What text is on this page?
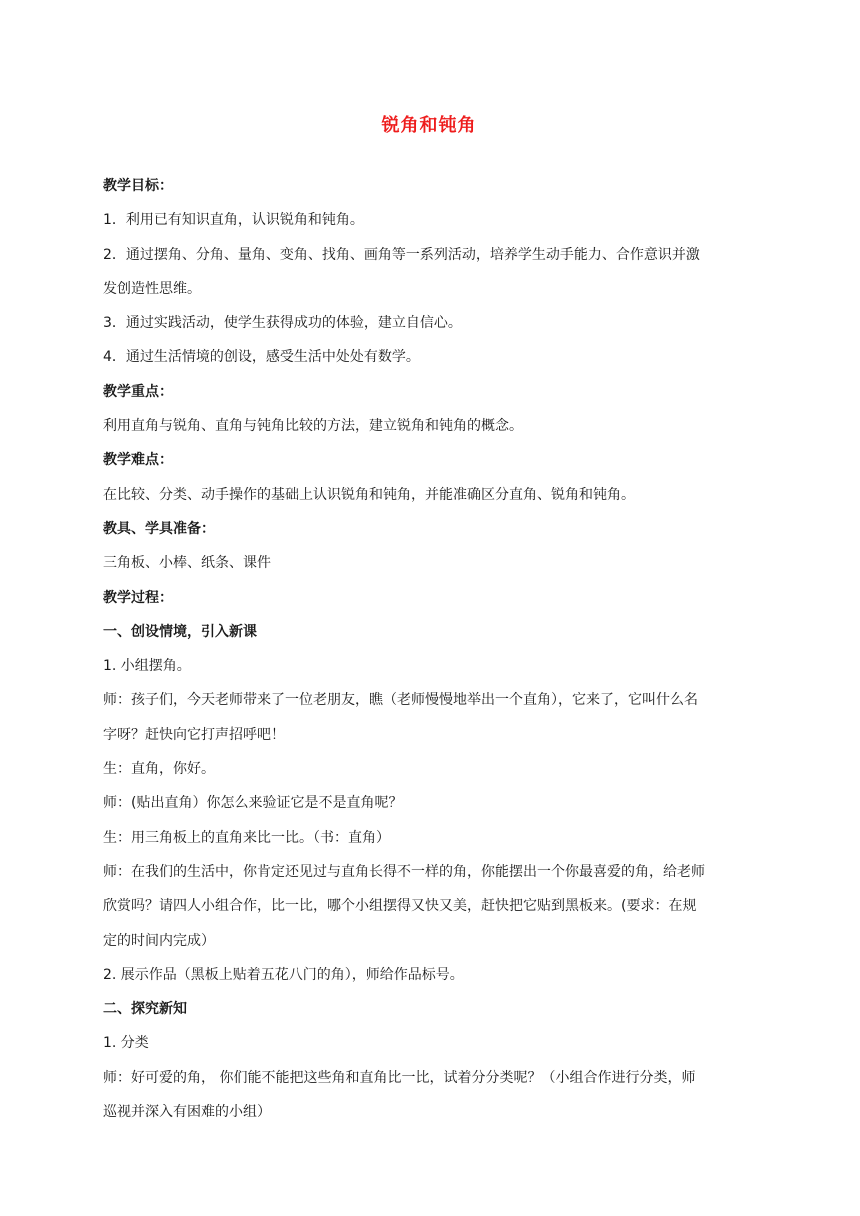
锐角和钝角

教学目标：

1．利用已有知识直角，认识锐角和钝角。

2．通过摆角、分角、量角、变角、找角、画角等一系列活动，培养学生动手能力、合作意识并激

发创造性思维。

3．通过实践活动，使学生获得成功的体验，建立自信心。

4．通过生活情境的创设，感受生活中处处有数学。

教学重点：

利用直角与锐角、直角与钝角比较的方法，建立锐角和钝角的概念。

教学难点：

在比较、分类、动手操作的基础上认识锐角和钝角，并能准确区分直角、锐角和钝角。

教具、学具准备：

三角板、小棒、纸条、课件

教学过程：

一、创设情境，引入新课

1. 小组摆角。

师：孩子们，今天老师带来了一位老朋友，瞧（老师慢慢地举出一个直角），它来了，它叫什么名

字呀？赶快向它打声招呼吧！

生：直角，你好。

师：(贴出直角）你怎么来验证它是不是直角呢？

生：用三角板上的直角来比一比。（书：直角）

师：在我们的生活中，你肯定还见过与直角长得不一样的角，你能摆出一个你最喜爱的角，给老师

欣赏吗？请四人小组合作，比一比，哪个小组摆得又快又美，赶快把它贴到黑板来。(要求：在规

定的时间内完成）

2. 展示作品（黑板上贴着五花八门的角），师给作品标号。

二、探究新知

1. 分类

师：好可爱的角， 你们能不能把这些角和直角比一比，试着分分类呢？（小组合作进行分类，师

巡视并深入有困难的小组）
